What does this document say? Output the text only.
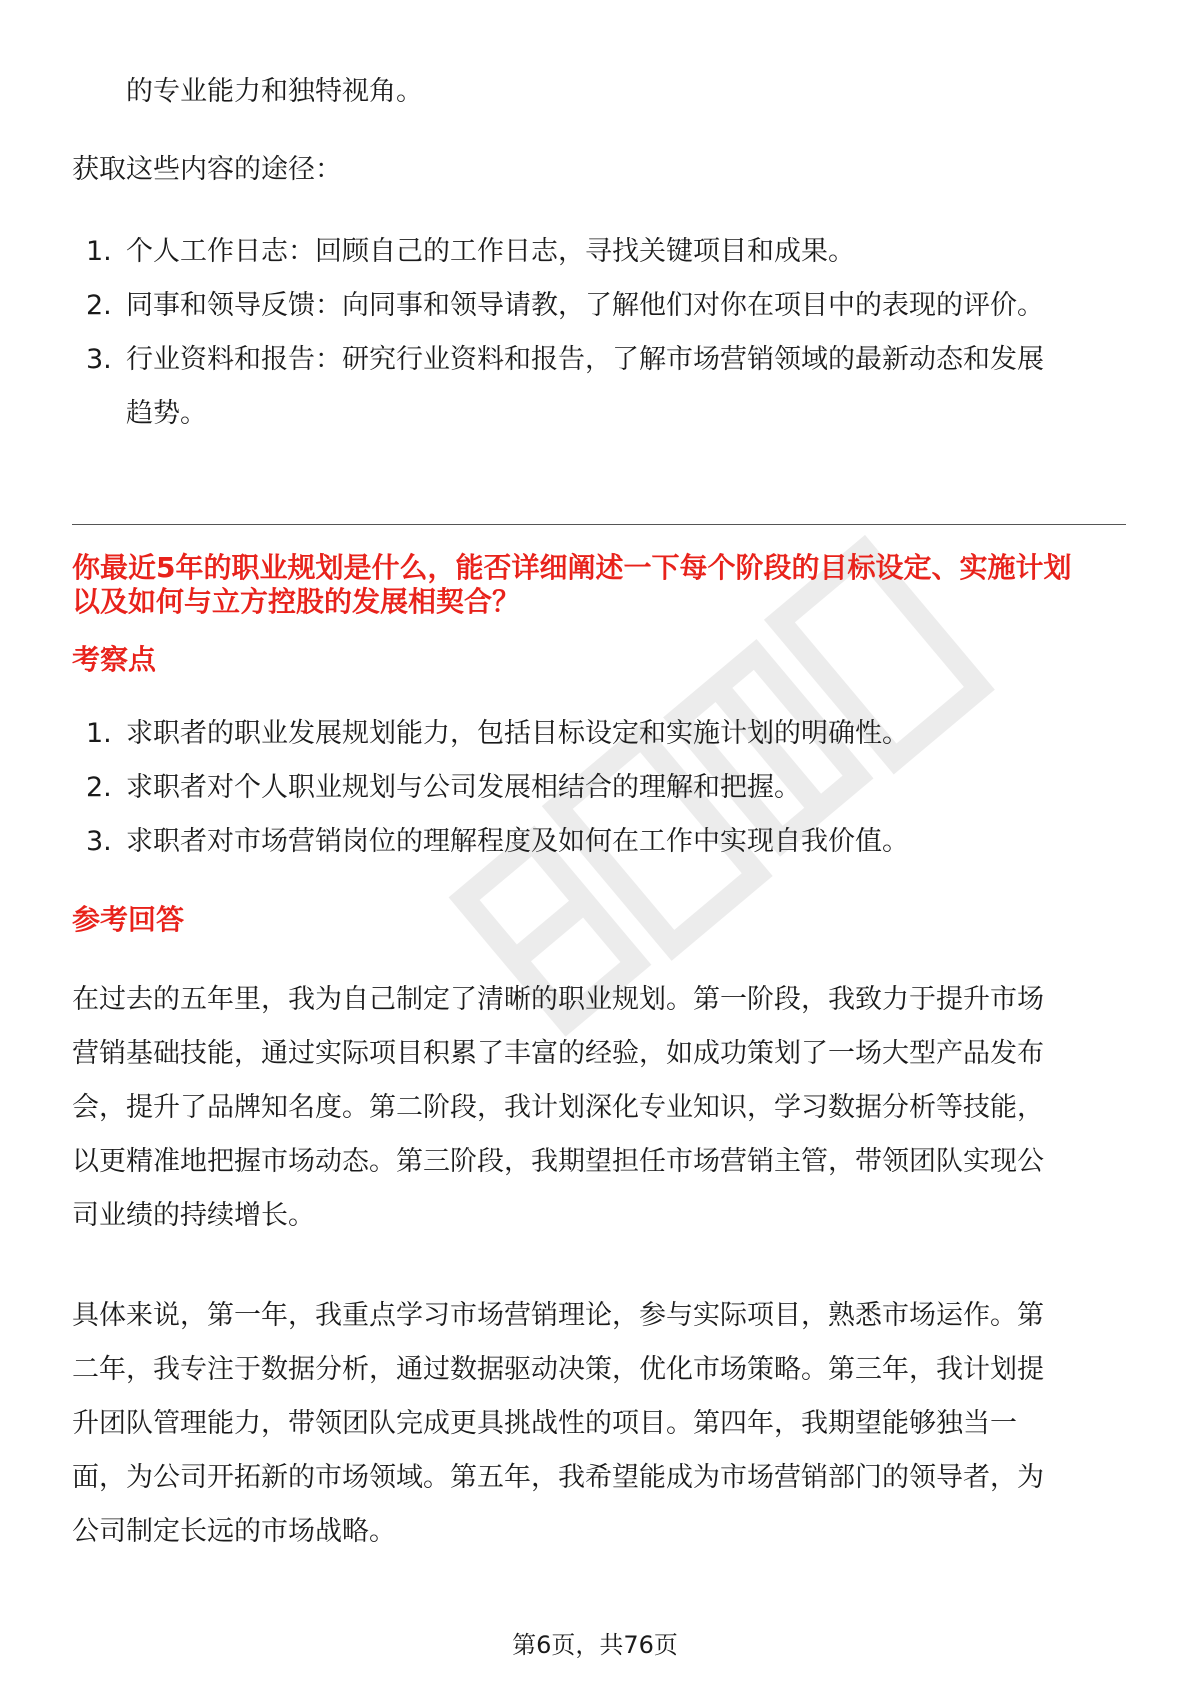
的专业能力和独特视角。
获取这些内容的途径：
1. 个人工作日志：回顾自己的工作日志，寻找关键项目和成果。
2. 同事和领导反馈：向同事和领导请教，了解他们对你在项目中的表现的评价。
3. 行业资料和报告：研究行业资料和报告，了解市场营销领域的最新动态和发展
趋势。
你最近5年的职业规划是什么，能否详细阐述一下每个阶段的目标设定、实施计划
以及如何与立方控股的发展相契合？
考察点
1. 求职者的职业发展规划能力，包括目标设定和实施计划的明确性。
2. 求职者对个人职业规划与公司发展相结合的理解和把握。
3. 求职者对市场营销岗位的理解程度及如何在工作中实现自我价值。
参考回答
在过去的五年里，我为自己制定了清晰的职业规划。第一阶段，我致力于提升市场
营销基础技能，通过实际项目积累了丰富的经验，如成功策划了一场大型产品发布
会，提升了品牌知名度。第二阶段，我计划深化专业知识，学习数据分析等技能，
以更精准地把握市场动态。第三阶段，我期望担任市场营销主管，带领团队实现公
司业绩的持续增长。
具体来说，第一年，我重点学习市场营销理论，参与实际项目，熟悉市场运作。第
二年，我专注于数据分析，通过数据驱动决策，优化市场策略。第三年，我计划提
升团队管理能力，带领团队完成更具挑战性的项目。第四年，我期望能够独当一
面，为公司开拓新的市场领域。第五年，我希望能成为市场营销部门的领导者，为
公司制定长远的市场战略。
第6页，共76页
